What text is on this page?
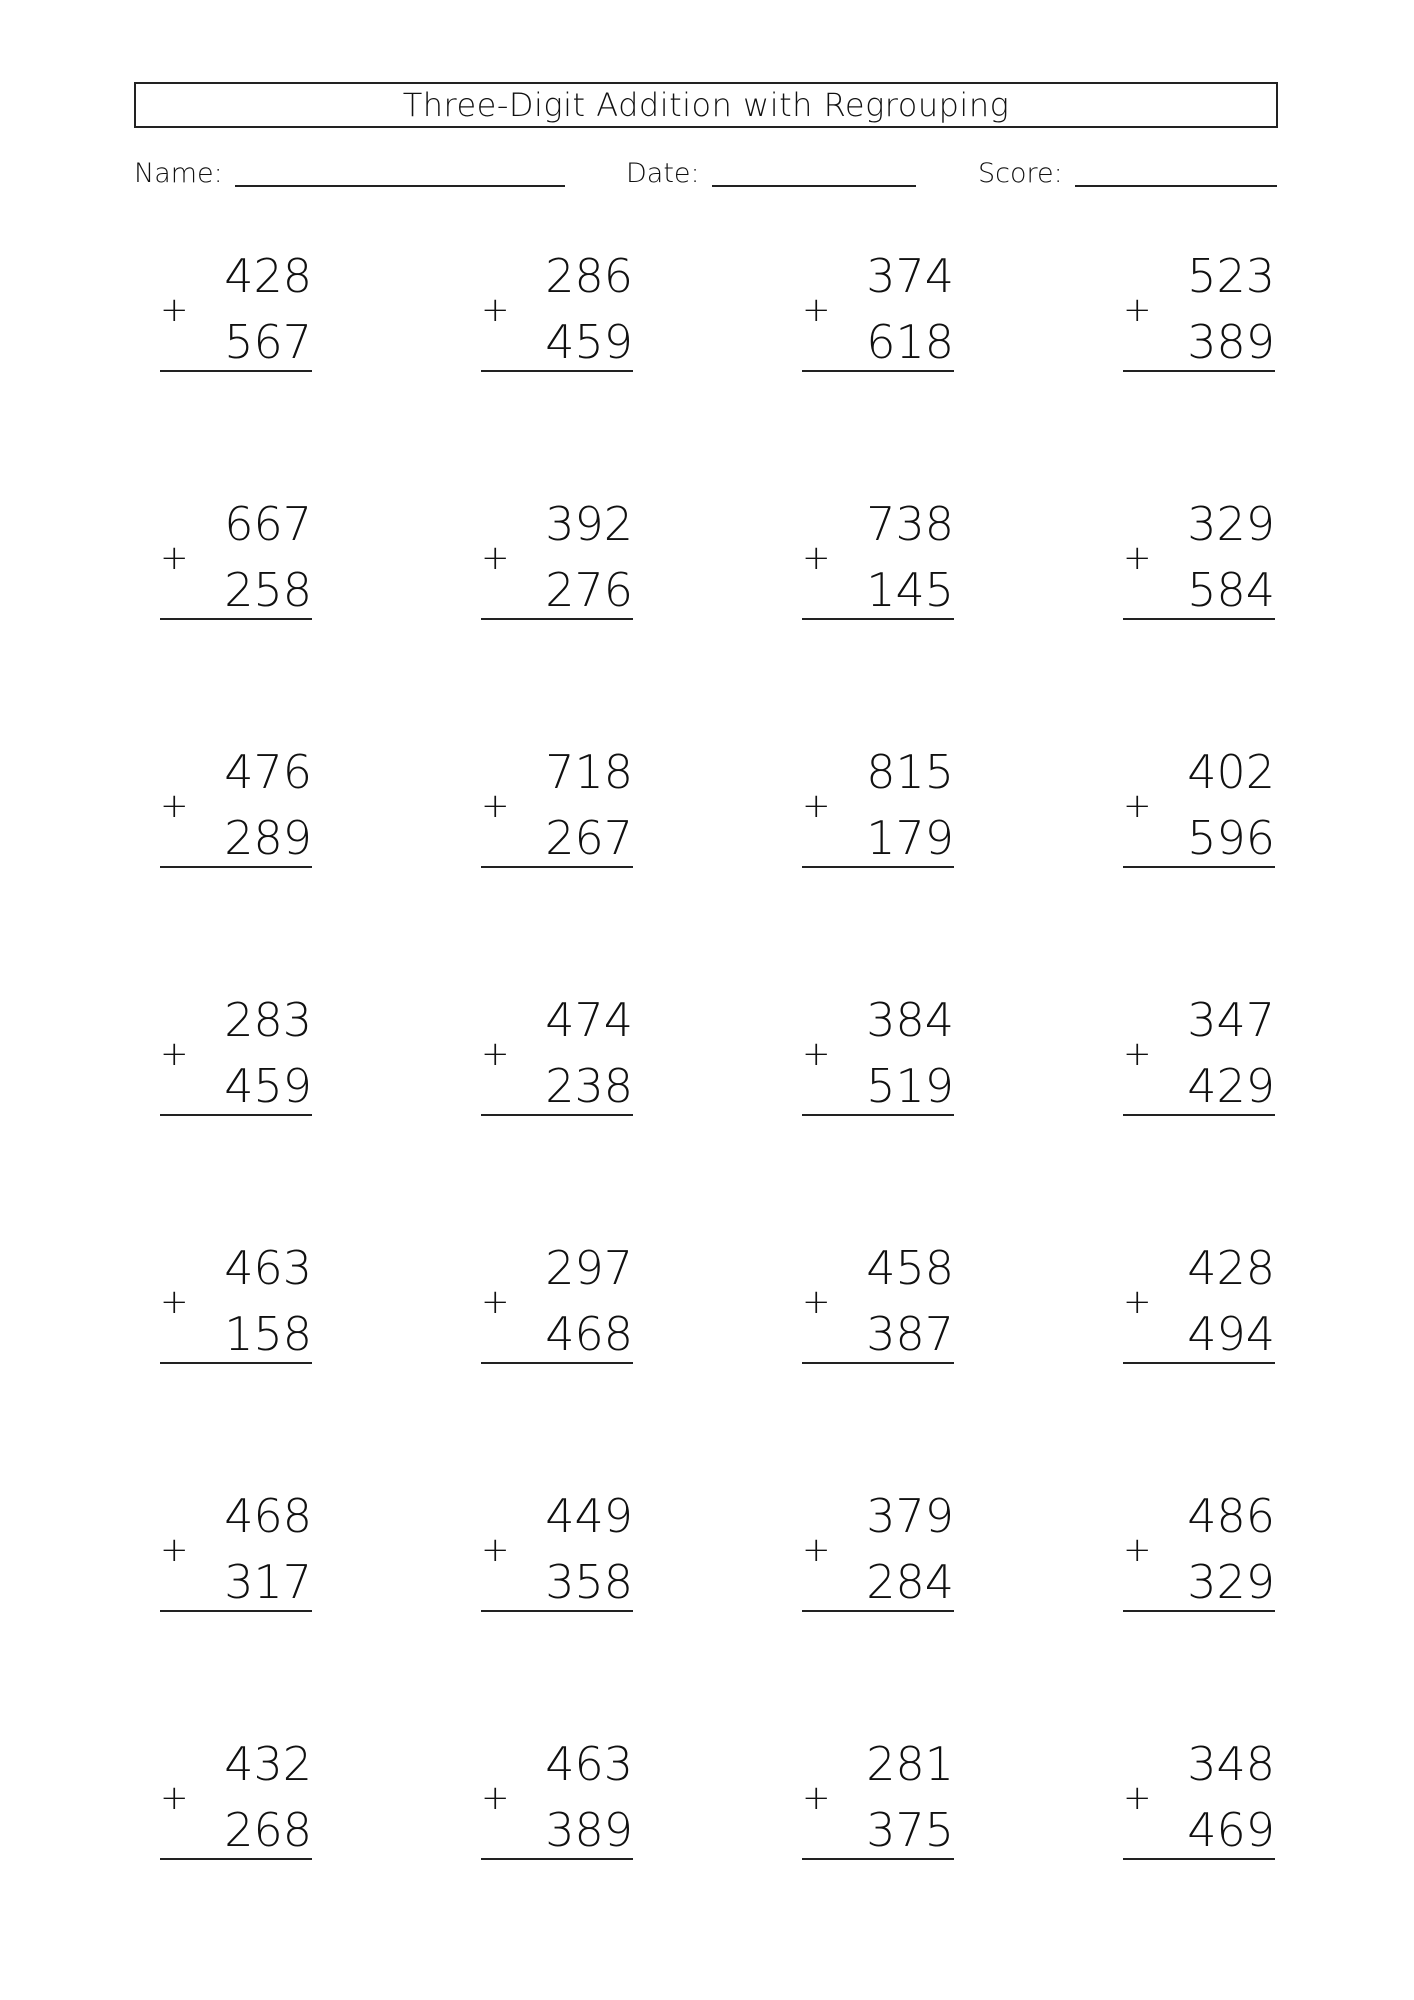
Three-Digit Addition with Regrouping
Name:	Date:	Score:
428
+
567
286
+
459
374
+
618
523
+
389
667
+
258
392
+
276
738
+
145
329
+
584
476
+
289
718
+
267
815
+
179
402
+
596
283
+
459
474
+
238
384
+
519
347
+
429
463
+
158
297
+
468
458
+
387
428
+
494
468
+
317
449
+
358
379
+
284
486
+
329
432
+
268
463
+
389
281
+
375
348
+
469
